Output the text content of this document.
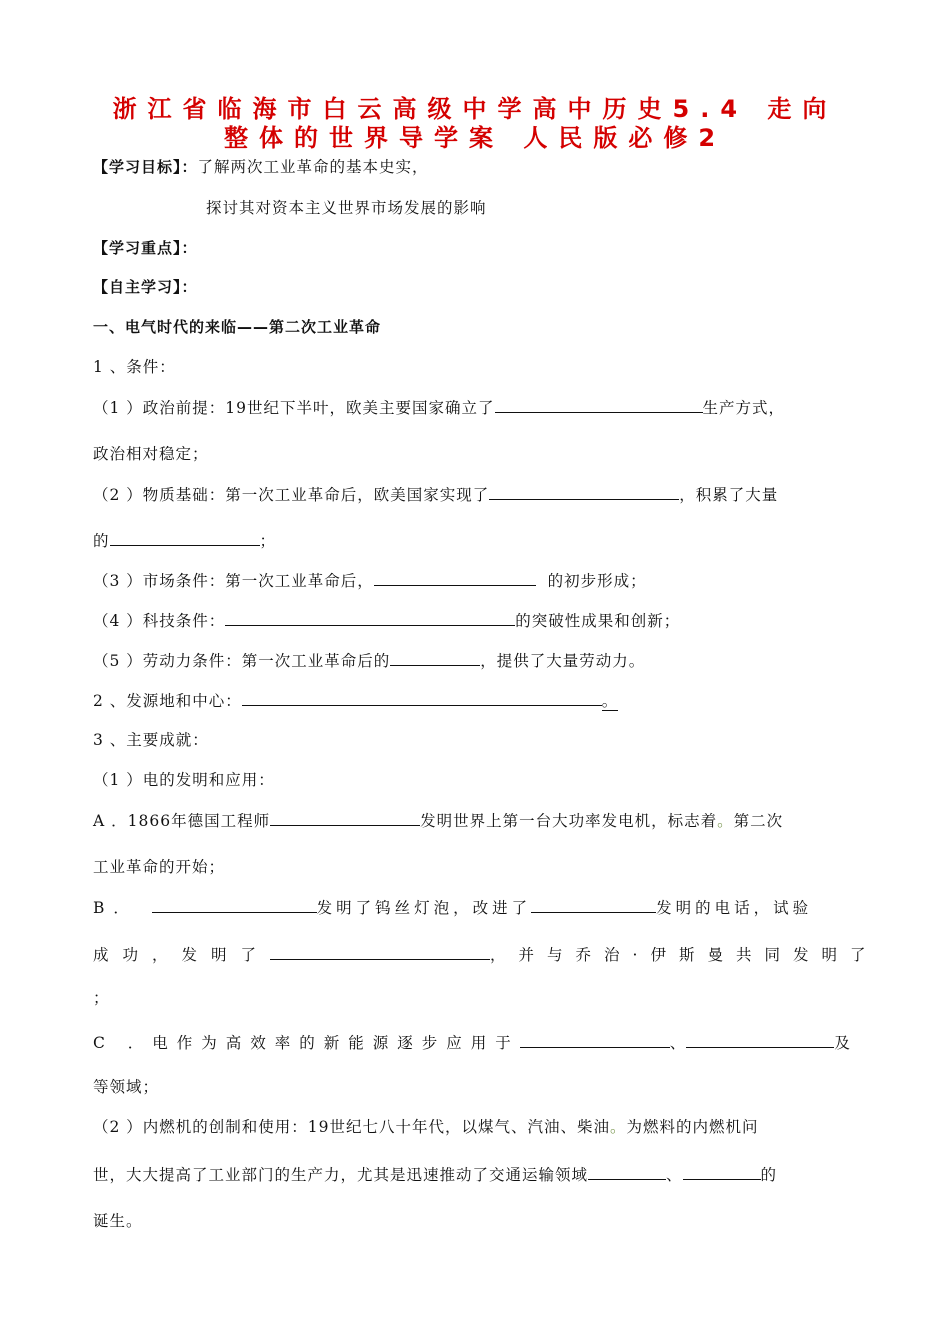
浙江省临海市白云高级中学高中历史5.4 走向
整体的世界导学案 人民版必修2
【学习目标】：了解两次工业革命的基本史实，
探讨其对资本主义世界市场发展的影响
【学习重点】：
【自主学习】：
一、电气时代的来临——第二次工业革命
1 、条件：
（1 ）政治前提：19世纪下半叶，欧美主要国家确立了	生产方式，
政治相对稳定；
（2 ）物质基础：第一次工业革命后，欧美国家实现了	，积累了大量
的	；
（3 ）市场条件：第一次工业革命后，	的初步形成；
（4 ）科技条件：	的突破性成果和创新；
（5 ）劳动力条件：第一次工业革命后的	，提供了大量劳动力。
2 、发源地和中心：	。
3 、主要成就：
（1 ）电的发明和应用：
A ．1866年德国工程师	发明世界上第一台大功率发电机，标志着。第二次
工业革命的开始；
B ．	发明了钨丝灯泡，改进了	发明的电话，试验
成功，发明了	，并与乔治·伊斯曼共同发明了
；
C ．电作为高效率的新能源逐步应用于	、	及
等领域；
（2 ）内燃机的创制和使用：19世纪七八十年代，以煤气、汽油、柴油。为燃料的内燃机问
世，大大提高了工业部门的生产力，尤其是迅速推动了交通运输领域	、	的
诞生。
